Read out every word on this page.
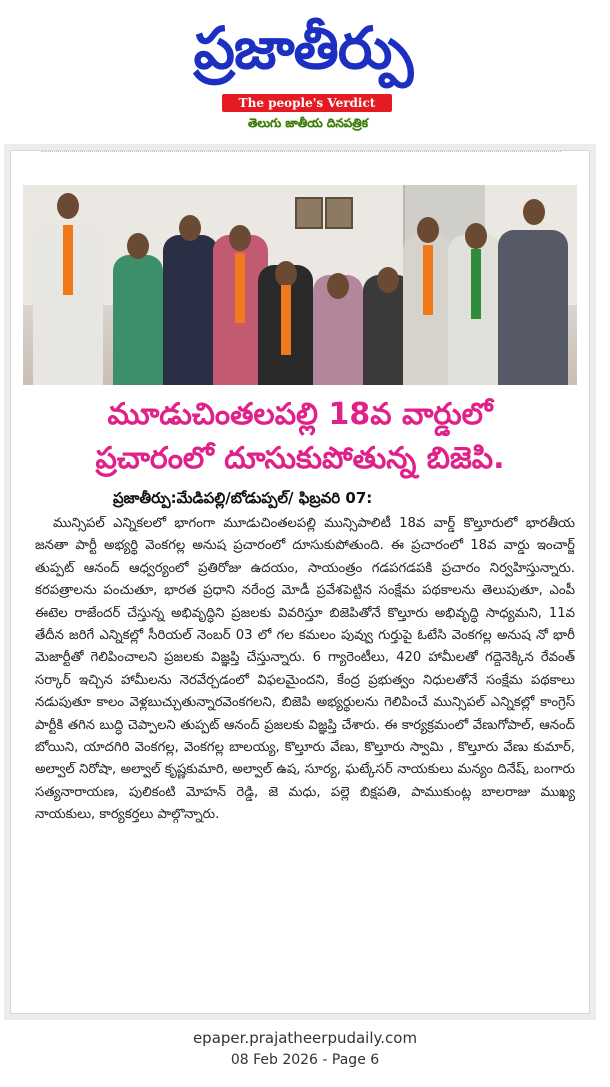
ప్రజాతీర్పు
The people's Verdict
తెలుగు జాతీయ దినపత్రిక
మూడుచింతలపల్లి 18వ వార్డులో
ప్రచారంలో దూసుకుపోతున్న బిజెపి.
ప్రజాతీర్పు:మేడిపల్లి/బోడుప్పల్/ ఫిబ్రవరి 07:
మున్సిపల్ ఎన్నికలలో భాగంగా మూడుచింతలపల్లి మున్సిపాలిటీ 18వ వార్డ్ కొల్తూరులో భారతీయ జనతా పార్టీ అభ్యర్థి వెంకగల్ల అనుష ప్రచారంలో దూసుకుపోతుంది. ఈ ప్రచారంలో 18వ వార్డు ఇంచార్జ్ తుప్పట్ ఆనంద్ ఆధ్వర్యంలో ప్రతిరోజు ఉదయం, సాయంత్రం గడపగడపకి ప్రచారం నిర్వహిస్తున్నారు. కరపత్రాలను పంచుతూ, భారత ప్రధాని నరేంద్ర మోడీ ప్రవేశపెట్టిన సంక్షేమ పథకాలను తెలుపుతూ, ఎంపీ ఈటెల రాజేందర్ చేస్తున్న అభివృద్ధిని ప్రజలకు వివరిస్తూ బిజెపితోనే కొల్తూరు అభివృద్ధి సాధ్యమని, 11వ తేదీన జరిగే ఎన్నికల్లో సీరియల్ నెంబర్ 03 లో గల కమలం పువ్వు గుర్తుపై ఓటేసి వెంకగల్ల అనుష నో భారీ మెజార్టీతో గెలిపించాలని ప్రజలకు విజ్ఞప్తి చేస్తున్నారు. 6 గ్యారెంటీలు, 420 హామీలతో గద్దెనెక్కిన రేవంత్ సర్కార్ ఇచ్చిన హామీలను నెరవేర్చడంలో విఫలమైందని, కేంద్ర ప్రభుత్వం నిధులతోనే సంక్షేమ పథకాలు నడుపుతూ కాలం వెళ్లబుచ్చుతున్నారవెంకగలని, బిజెపి అభ్యర్థులను గెలిపించే మున్సిపల్ ఎన్నికల్లో కాంగ్రెస్ పార్టీకి తగిన బుద్ధి చెప్పాలని తుప్పట్ ఆనంద్ ప్రజలకు విజ్ఞప్తి చేశారు. ఈ కార్యక్రమంలో వేణుగోపాల్, ఆనంద్ బోయిని, యాదగిరి వెంకగల్ల, వెంకగల్ల బాలయ్య, కొల్తూరు వేణు, కొల్తూరు స్వామి , కొల్తూరు వేణు కుమార్, అల్వాల్ నిరోషా, అల్వాల్ కృష్ణకుమారి, అల్వాల్ ఉష, సూర్య, ఘట్కేసర్ నాయకులు మన్యం దినేష్, బంగారు సత్యనారాయణ, పులికంటి మోహన్ రెడ్డి, జె మధు, పల్లె బిక్షపతి, పాముకుంట్ల బాలరాజు ముఖ్య నాయకులు, కార్యకర్తలు పాల్గొన్నారు.
epaper.prajatheerpudaily.com
08 Feb 2026 - Page 6
